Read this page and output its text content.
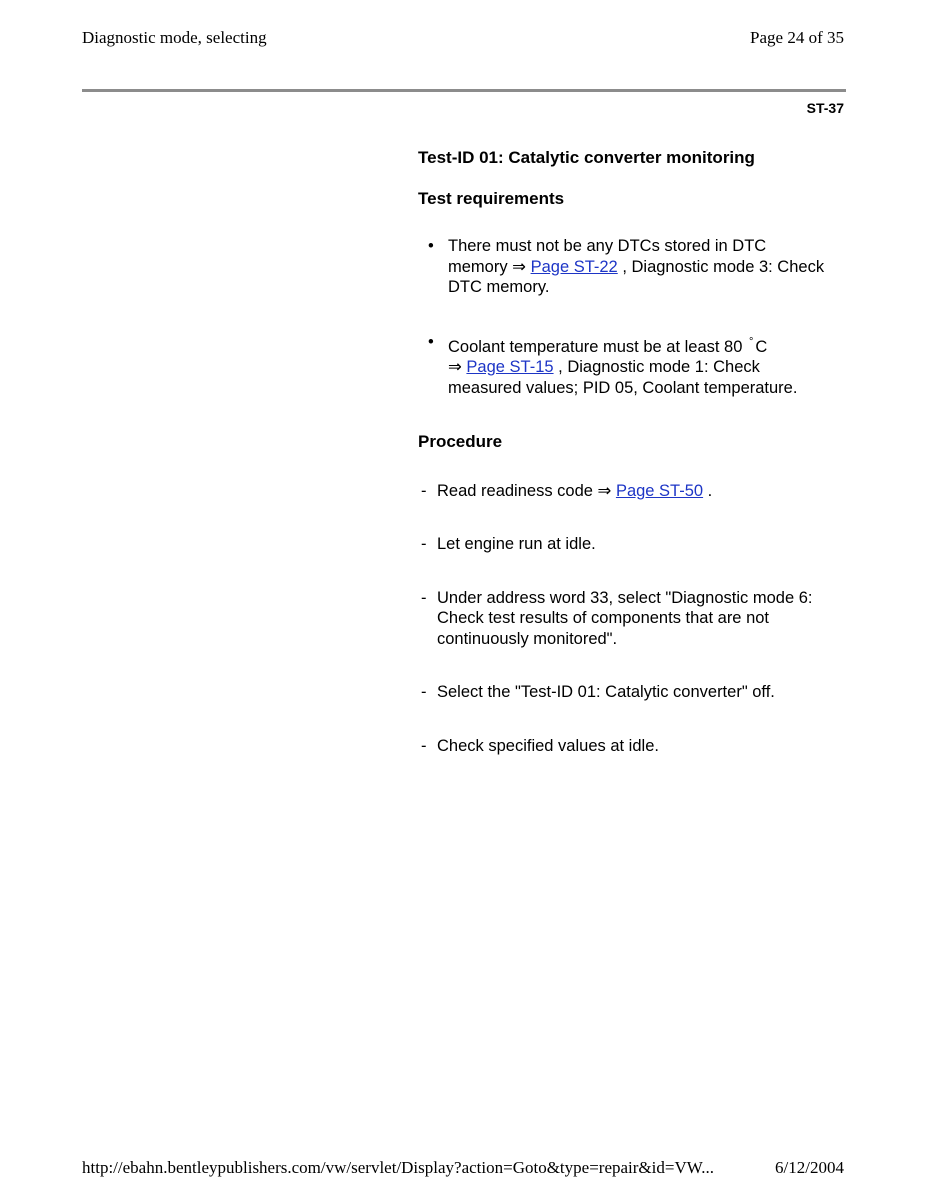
Diagnostic mode, selecting	Page 24 of 35
ST-37

Test-ID 01: Catalytic converter monitoring

Test requirements

• There must not be any DTCs stored in DTC memory ⇒ Page ST-22 , Diagnostic mode 3: Check DTC memory.

• Coolant temperature must be at least 80 ° C
⇒ Page ST-15 , Diagnostic mode 1: Check measured values; PID 05, Coolant temperature.

Procedure

- Read readiness code ⇒ Page ST-50 .

- Let engine run at idle.

- Under address word 33, select "Diagnostic mode 6: Check test results of components that are not continuously monitored".

- Select the "Test-ID 01: Catalytic converter" off.

- Check specified values at idle.

http://ebahn.bentleypublishers.com/vw/servlet/Display?action=Goto&type=repair&id=VW...	6/12/2004
